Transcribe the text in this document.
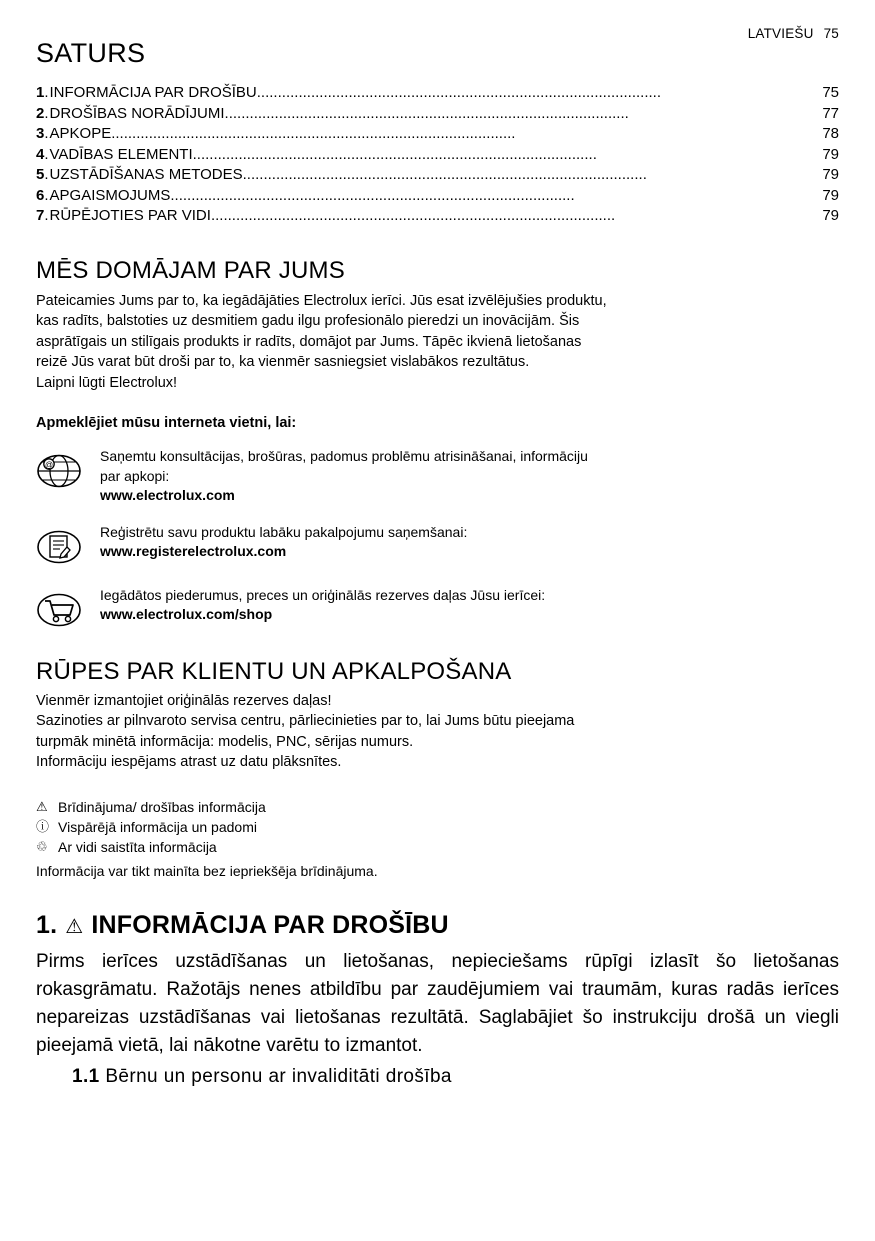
LATVIEŠU 75
SATURS
1 . INFORMĀCIJA PAR DROŠĪBU .................................................................................................	75
2 . DROŠĪBAS NORĀDĪJUMI .................................................................................................	77
3 . APKOPE .................................................................................................	78
4 . VADĪBAS ELEMENTI .................................................................................................	79
5 . UZSTĀDĪŠANAS METODES .................................................................................................	79
6 . APGAISMOJUMS .................................................................................................	79
7 . RŪPĒJOTIES PAR VIDI .................................................................................................	79
MĒS DOMĀJAM PAR JUMS

Pateicamies Jums par to, ka iegādājāties Electrolux ierīci. Jūs esat izvēlējušies produktu,

kas radīts, balstoties uz desmitiem gadu ilgu profesionālo pieredzi un inovācijām. Šis

asprātīgais un stilīgais produkts ir radīts, domājot par Jums. Tāpēc ikvienā lietošanas

reizē Jūs varat būt droši par to, ka vienmēr sasniegsiet vislabākos rezultātus.

Laipni lūgti Electrolux!

Apmeklējiet mūsu interneta vietni, lai:
@
Saņemtu konsultācijas, brošūras, padomus problēmu atrisināšanai, informāciju
par apkopi:
www.electrolux.com
Reģistrētu savu produktu labāku pakalpojumu saņemšanai:
www.registerelectrolux.com
Iegādātos piederumus, preces un oriģinālās rezerves daļas Jūsu ierīcei:
www.electrolux.com/shop
RŪPES PAR KLIENTU UN APKALPOŠANA

Vienmēr izmantojiet oriģinālās rezerves daļas!

Sazinoties ar pilnvaroto servisa centru, pārliecinieties par to, lai Jums būtu pieejama

turpmāk minētā informācija: modelis, PNC, sērijas numurs.

Informāciju iespējams atrast uz datu plāksnītes.

⚠ Brīdinājuma/ drošības informācija
ⓘ Vispārējā informācija un padomi
♲ Ar vidi saistīta informācija
Informācija var tikt mainīta bez iepriekšēja brīdinājuma.
1. ⚠ INFORMĀCIJA PAR DROŠĪBU

Pirms ierīces uzstādīšanas un lietošanas, nepieciešams rūpīgi izlasīt šo lietošanas rokasgrāmatu. Ražotājs nenes atbildību par zaudējumiem vai traumām, kuras radās ierīces nepareizas uzstādīšanas vai lietošanas rezultātā. Saglabājiet šo instrukciju drošā un viegli pieejamā vietā, lai nākotne varētu to izmantot.

1.1 Bērnu un personu ar invaliditāti drošība
